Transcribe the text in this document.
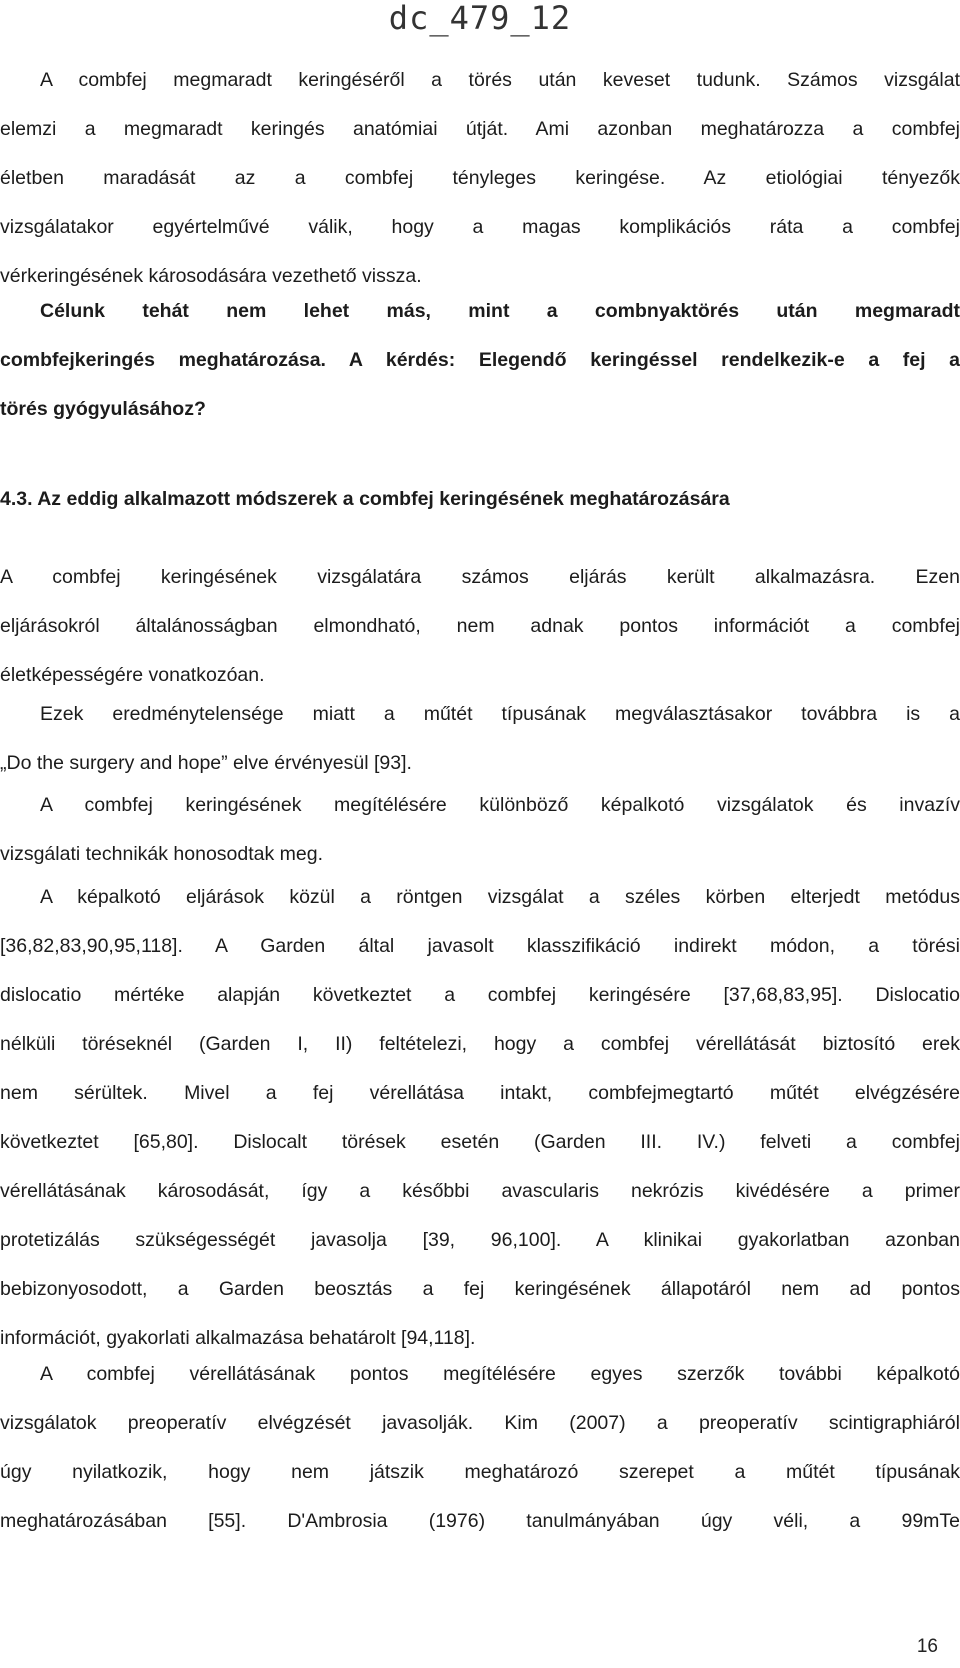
dc_479_12
A combfej megmaradt keringéséről a törés után keveset tudunk. Számos vizsgálat
elemzi a megmaradt keringés anatómiai útját. Ami azonban meghatározza a combfej
életben maradását az a combfej tényleges keringése. Az etiológiai tényezők
vizsgálatakor egyértelművé válik, hogy a magas komplikációs ráta a combfej
vérkeringésének károsodására vezethető vissza.
Célunk tehát nem lehet más, mint a combnyaktörés után megmaradt
combfejkeringés meghatározása. A kérdés: Elegendő keringéssel rendelkezik-e a fej a
törés gyógyulásához?
4.3. Az eddig alkalmazott módszerek a combfej keringésének meghatározására
A combfej keringésének vizsgálatára számos eljárás került alkalmazásra. Ezen
eljárásokról általánosságban elmondható, nem adnak pontos információt a combfej
életképességére vonatkozóan.
Ezek eredménytelensége miatt a műtét típusának megválasztásakor továbbra is a
„Do the surgery and hope” elve érvényesül [93].
A combfej keringésének megítélésére különböző képalkotó vizsgálatok és invazív
vizsgálati technikák honosodtak meg.
A képalkotó eljárások közül a röntgen vizsgálat a széles körben elterjedt metódus
[36,82,83,90,95,118]. A Garden által javasolt klasszifikáció indirekt módon, a törési
dislocatio mértéke alapján következtet a combfej keringésére [37,68,83,95]. Dislocatio
nélküli töréseknél (Garden I, II) feltételezi, hogy a combfej vérellátását biztosító erek
nem sérültek. Mivel a fej vérellátása intakt, combfejmegtartó műtét elvégzésére
következtet [65,80]. Dislocalt törések esetén (Garden III. IV.) felveti a combfej
vérellátásának károsodását, így a későbbi avascularis nekrózis kivédésére a primer
protetizálás szükségességét javasolja [39, 96,100]. A klinikai gyakorlatban azonban
bebizonyosodott, a Garden beosztás a fej keringésének állapotáról nem ad pontos
információt, gyakorlati alkalmazása behatárolt [94,118].
A combfej vérellátásának pontos megítélésére egyes szerzők további képalkotó
vizsgálatok preoperatív elvégzését javasolják. Kim (2007) a preoperatív scintigraphiáról
úgy nyilatkozik, hogy nem játszik meghatározó szerepet a műtét típusának
meghatározásában [55]. D'Ambrosia (1976) tanulmányában úgy véli, a 99mTe
16
